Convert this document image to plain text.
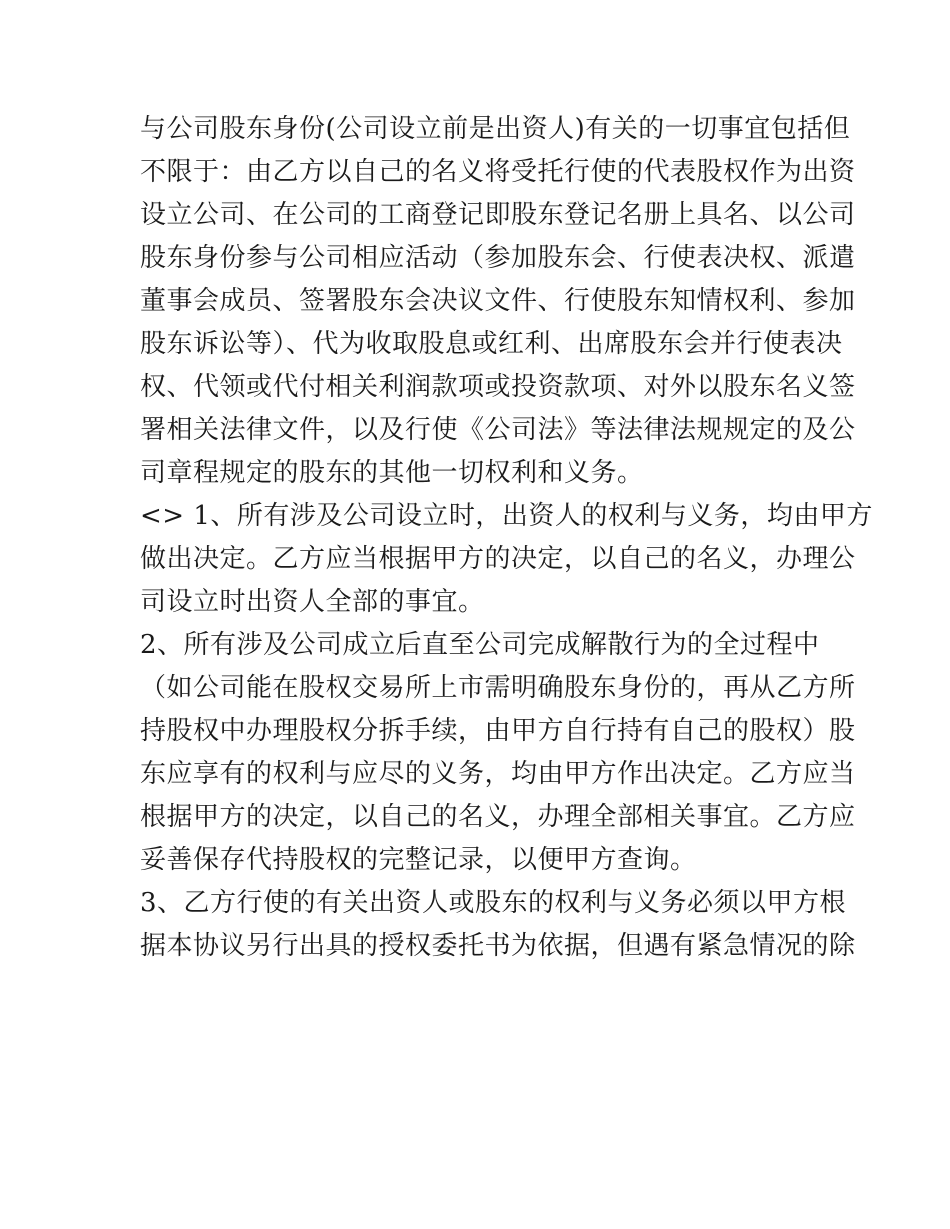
与公司股东身份(公司设立前是出资人)有关的一切事宜包括但

不限于：由乙方以自己的名义将受托行使的代表股权作为出资

设立公司、在公司的工商登记即股东登记名册上具名、以公司

股东身份参与公司相应活动（参加股东会、行使表决权、派遣

董事会成员、签署股东会决议文件、行使股东知情权利、参加

股东诉讼等）、代为收取股息或红利、出席股东会并行使表决

权、代领或代付相关利润款项或投资款项、对外以股东名义签

署相关法律文件，以及行使《公司法》等法律法规规定的及公

司章程规定的股东的其他一切权利和义务。

<> 1、所有涉及公司设立时，出资人的权利与义务，均由甲方

做出决定。乙方应当根据甲方的决定，以自己的名义，办理公

司设立时出资人全部的事宜。

2、所有涉及公司成立后直至公司完成解散行为的全过程中

（如公司能在股权交易所上市需明确股东身份的，再从乙方所

持股权中办理股权分拆手续，由甲方自行持有自己的股权）股

东应享有的权利与应尽的义务，均由甲方作出决定。乙方应当

根据甲方的决定，以自己的名义，办理全部相关事宜。乙方应

妥善保存代持股权的完整记录，以便甲方查询。

3、乙方行使的有关出资人或股东的权利与义务必须以甲方根

据本协议另行出具的授权委托书为依据，但遇有紧急情况的除
